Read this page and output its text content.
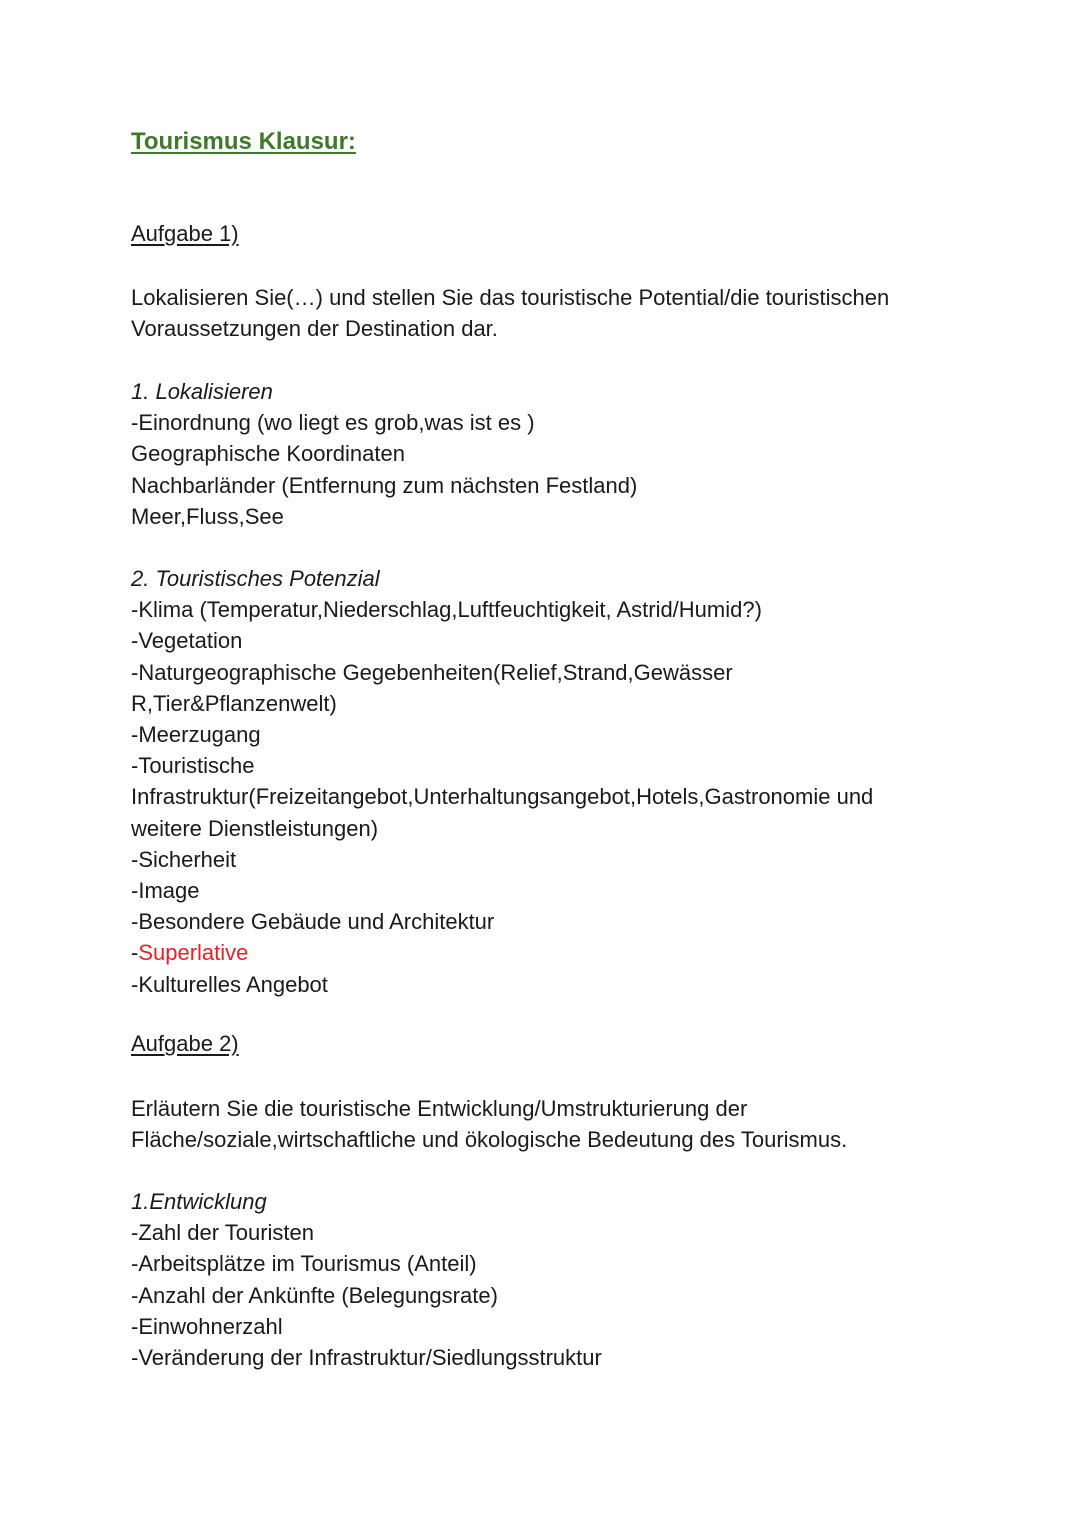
Tourismus Klausur:
Aufgabe 1)

Lokalisieren Sie(…) und stellen Sie das touristische Potential/die touristischen

Voraussetzungen der Destination dar.

1. Lokalisieren
-Einordnung (wo liegt es grob,was ist es )
Geographische Koordinaten
Nachbarländer (Entfernung zum nächsten Festland)
Meer,Fluss,See
2. Touristisches Potenzial
-Klima (Temperatur,Niederschlag,Luftfeuchtigkeit, Astrid/Humid?)
-Vegetation
-Naturgeographische Gegebenheiten(Relief,Strand,Gewässer
R,Tier&Pflanzenwelt)
-Meerzugang
-Touristische
Infrastruktur(Freizeitangebot,Unterhaltungsangebot,Hotels,Gastronomie und
weitere Dienstleistungen)
-Sicherheit
-Image
-Besondere Gebäude und Architektur
-Superlative
-Kulturelles Angebot
Aufgabe 2)

Erläutern Sie die touristische Entwicklung/Umstrukturierung der

Fläche/soziale,wirtschaftliche und ökologische Bedeutung des Tourismus.

1.Entwicklung
-Zahl der Touristen
-Arbeitsplätze im Tourismus (Anteil)
-Anzahl der Ankünfte (Belegungsrate)
-Einwohnerzahl
-Veränderung der Infrastruktur/Siedlungsstruktur
